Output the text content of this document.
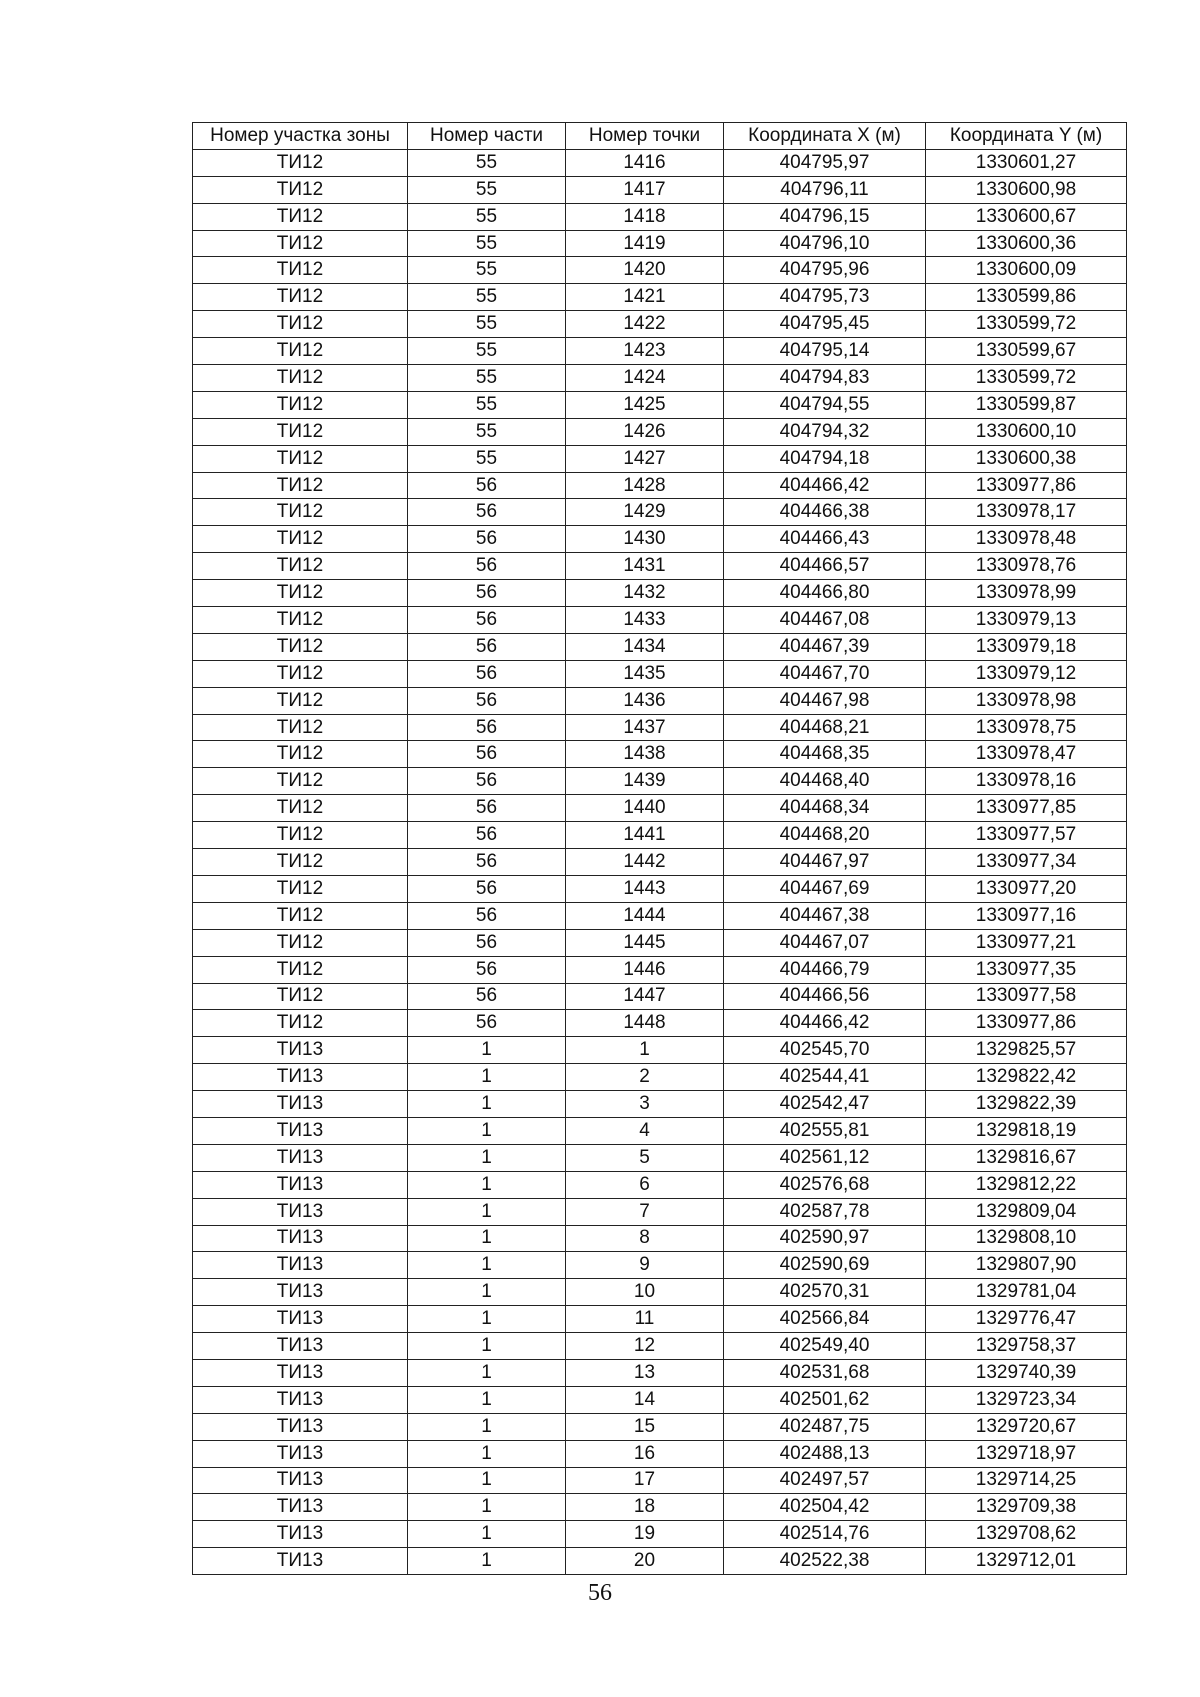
Номер участка зоны	Номер части	Номер точки	Координата X (м)	Координата Y (м)
ТИ12	55	1416	404795,97	1330601,27
ТИ12	55	1417	404796,11	1330600,98
ТИ12	55	1418	404796,15	1330600,67
ТИ12	55	1419	404796,10	1330600,36
ТИ12	55	1420	404795,96	1330600,09
ТИ12	55	1421	404795,73	1330599,86
ТИ12	55	1422	404795,45	1330599,72
ТИ12	55	1423	404795,14	1330599,67
ТИ12	55	1424	404794,83	1330599,72
ТИ12	55	1425	404794,55	1330599,87
ТИ12	55	1426	404794,32	1330600,10
ТИ12	55	1427	404794,18	1330600,38
ТИ12	56	1428	404466,42	1330977,86
ТИ12	56	1429	404466,38	1330978,17
ТИ12	56	1430	404466,43	1330978,48
ТИ12	56	1431	404466,57	1330978,76
ТИ12	56	1432	404466,80	1330978,99
ТИ12	56	1433	404467,08	1330979,13
ТИ12	56	1434	404467,39	1330979,18
ТИ12	56	1435	404467,70	1330979,12
ТИ12	56	1436	404467,98	1330978,98
ТИ12	56	1437	404468,21	1330978,75
ТИ12	56	1438	404468,35	1330978,47
ТИ12	56	1439	404468,40	1330978,16
ТИ12	56	1440	404468,34	1330977,85
ТИ12	56	1441	404468,20	1330977,57
ТИ12	56	1442	404467,97	1330977,34
ТИ12	56	1443	404467,69	1330977,20
ТИ12	56	1444	404467,38	1330977,16
ТИ12	56	1445	404467,07	1330977,21
ТИ12	56	1446	404466,79	1330977,35
ТИ12	56	1447	404466,56	1330977,58
ТИ12	56	1448	404466,42	1330977,86
ТИ13	1	1	402545,70	1329825,57
ТИ13	1	2	402544,41	1329822,42
ТИ13	1	3	402542,47	1329822,39
ТИ13	1	4	402555,81	1329818,19
ТИ13	1	5	402561,12	1329816,67
ТИ13	1	6	402576,68	1329812,22
ТИ13	1	7	402587,78	1329809,04
ТИ13	1	8	402590,97	1329808,10
ТИ13	1	9	402590,69	1329807,90
ТИ13	1	10	402570,31	1329781,04
ТИ13	1	11	402566,84	1329776,47
ТИ13	1	12	402549,40	1329758,37
ТИ13	1	13	402531,68	1329740,39
ТИ13	1	14	402501,62	1329723,34
ТИ13	1	15	402487,75	1329720,67
ТИ13	1	16	402488,13	1329718,97
ТИ13	1	17	402497,57	1329714,25
ТИ13	1	18	402504,42	1329709,38
ТИ13	1	19	402514,76	1329708,62
ТИ13	1	20	402522,38	1329712,01
56
